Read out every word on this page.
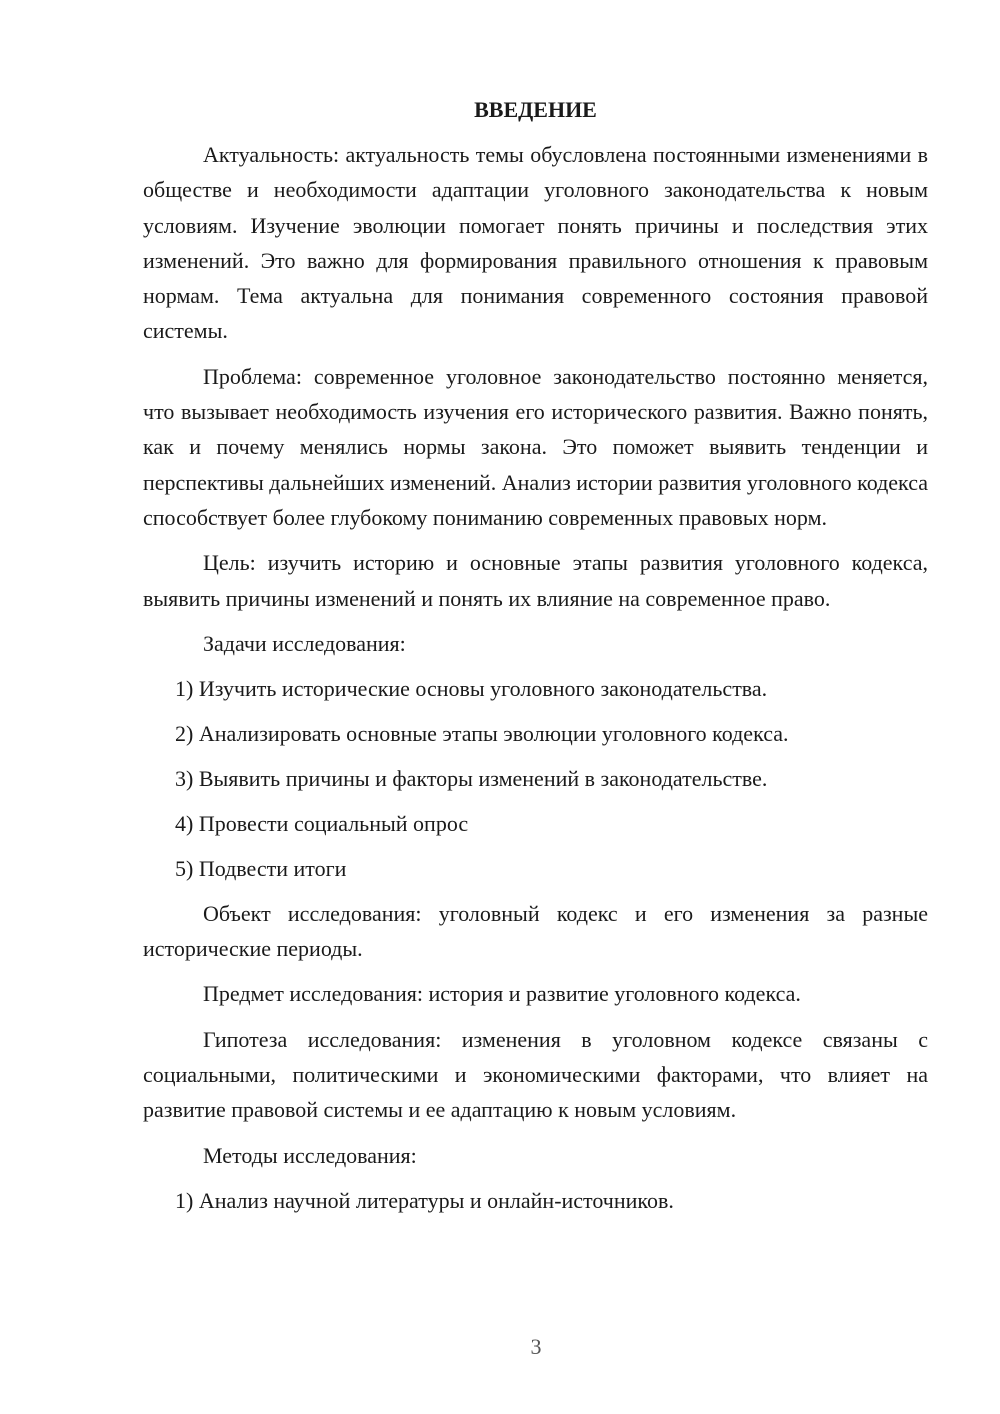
ВВЕДЕНИЕ

Актуальность: актуальность темы обусловлена постоянными изменениями в обществе и необходимости адаптации уголовного законодательства к новым условиям. Изучение эволюции помогает понять причины и последствия этих изменений. Это важно для формирования правильного отношения к правовым нормам. Тема актуальна для понимания современного состояния правовой системы.

Проблема: современное уголовное законодательство постоянно меняется, что вызывает необходимость изучения его исторического развития. Важно понять, как и почему менялись нормы закона. Это поможет выявить тенденции и перспективы дальнейших изменений. Анализ истории развития уголовного кодекса способствует более глубокому пониманию современных правовых норм.

Цель: изучить историю и основные этапы развития уголовного кодекса, выявить причины изменений и понять их влияние на современное право.

Задачи исследования:
1) Изучить исторические основы уголовного законодательства.
2) Анализировать основные этапы эволюции уголовного кодекса.
3) Выявить причины и факторы изменений в законодательстве.
4) Провести социальный опрос
5) Подвести итоги

Объект исследования: уголовный кодекс и его изменения за разные исторические периоды.

Предмет исследования: история и развитие уголовного кодекса.

Гипотеза исследования: изменения в уголовном кодексе связаны с социальными, политическими и экономическими факторами, что влияет на развитие правовой системы и ее адаптацию к новым условиям.

Методы исследования:
1) Анализ научной литературы и онлайн-источников.
3
